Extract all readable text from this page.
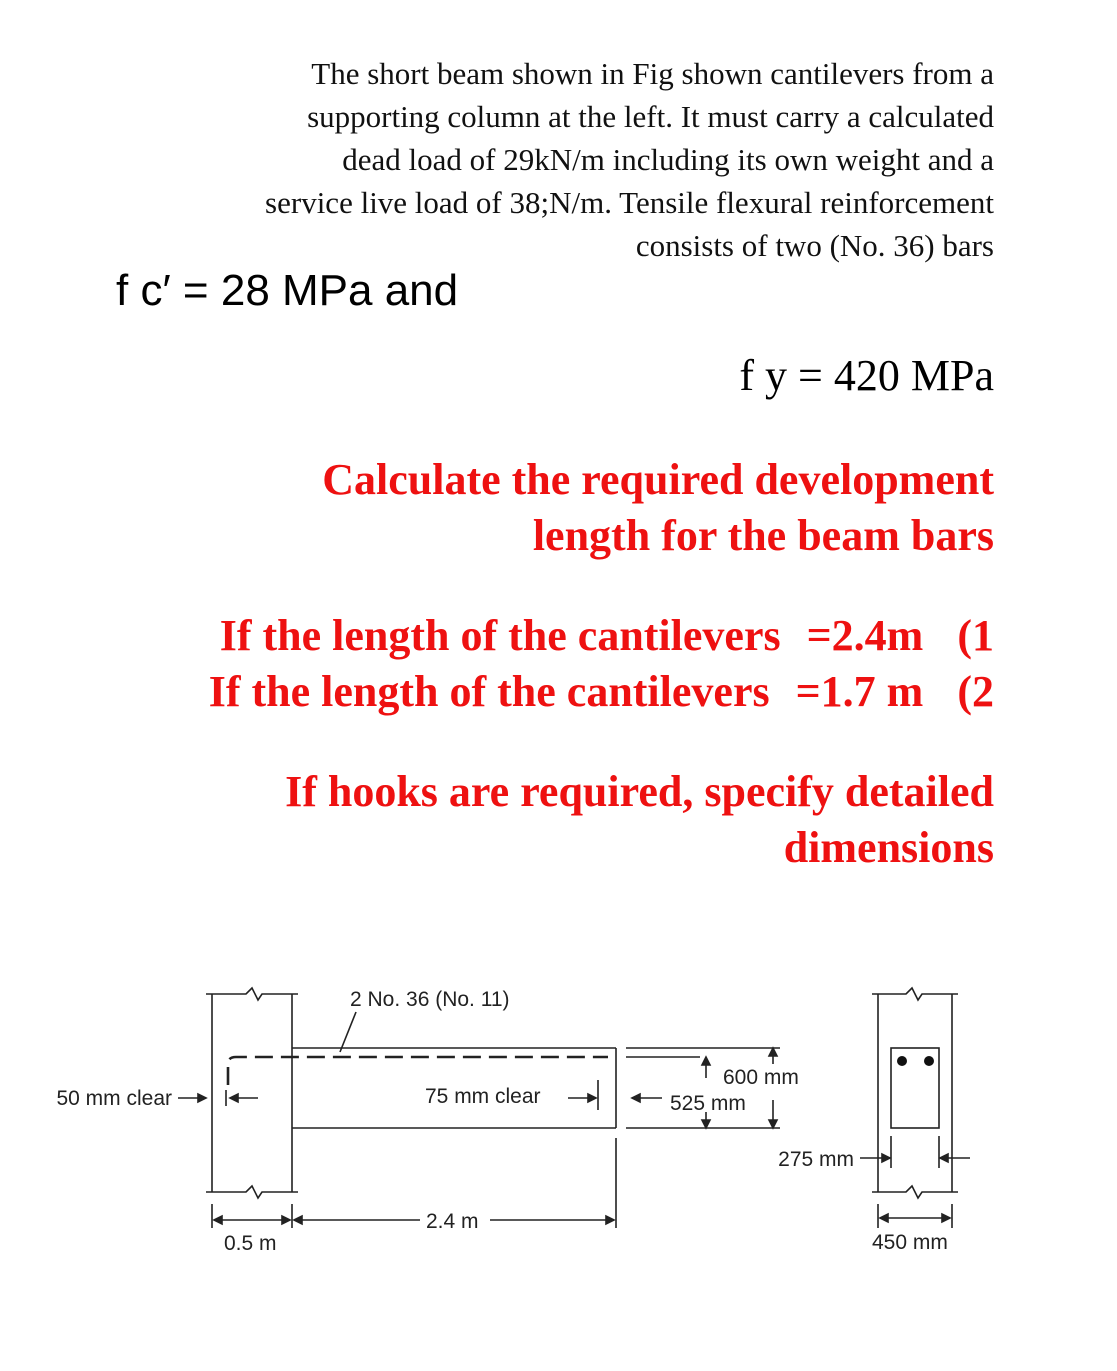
The short beam shown in Fig shown cantilevers from a
supporting column at the left. It must carry a calculated
dead load of 29kN/m including its own weight and a
service live load of 38;N/m. Tensile flexural reinforcement
consists of two (No. 36) bars
f c′ = 28 MPa and
f y = 420 MPa
Calculate the required development
length for the beam bars
If the length of the cantilevers =2.4m (1
If the length of the cantilevers =1.7 m (2
If hooks are required, specify detailed
dimensions
2 No. 36 (No. 11)
50 mm clear	75 mm clear
600 mm
525 mm
275 mm
450 mm
0.5 m
2.4 m
